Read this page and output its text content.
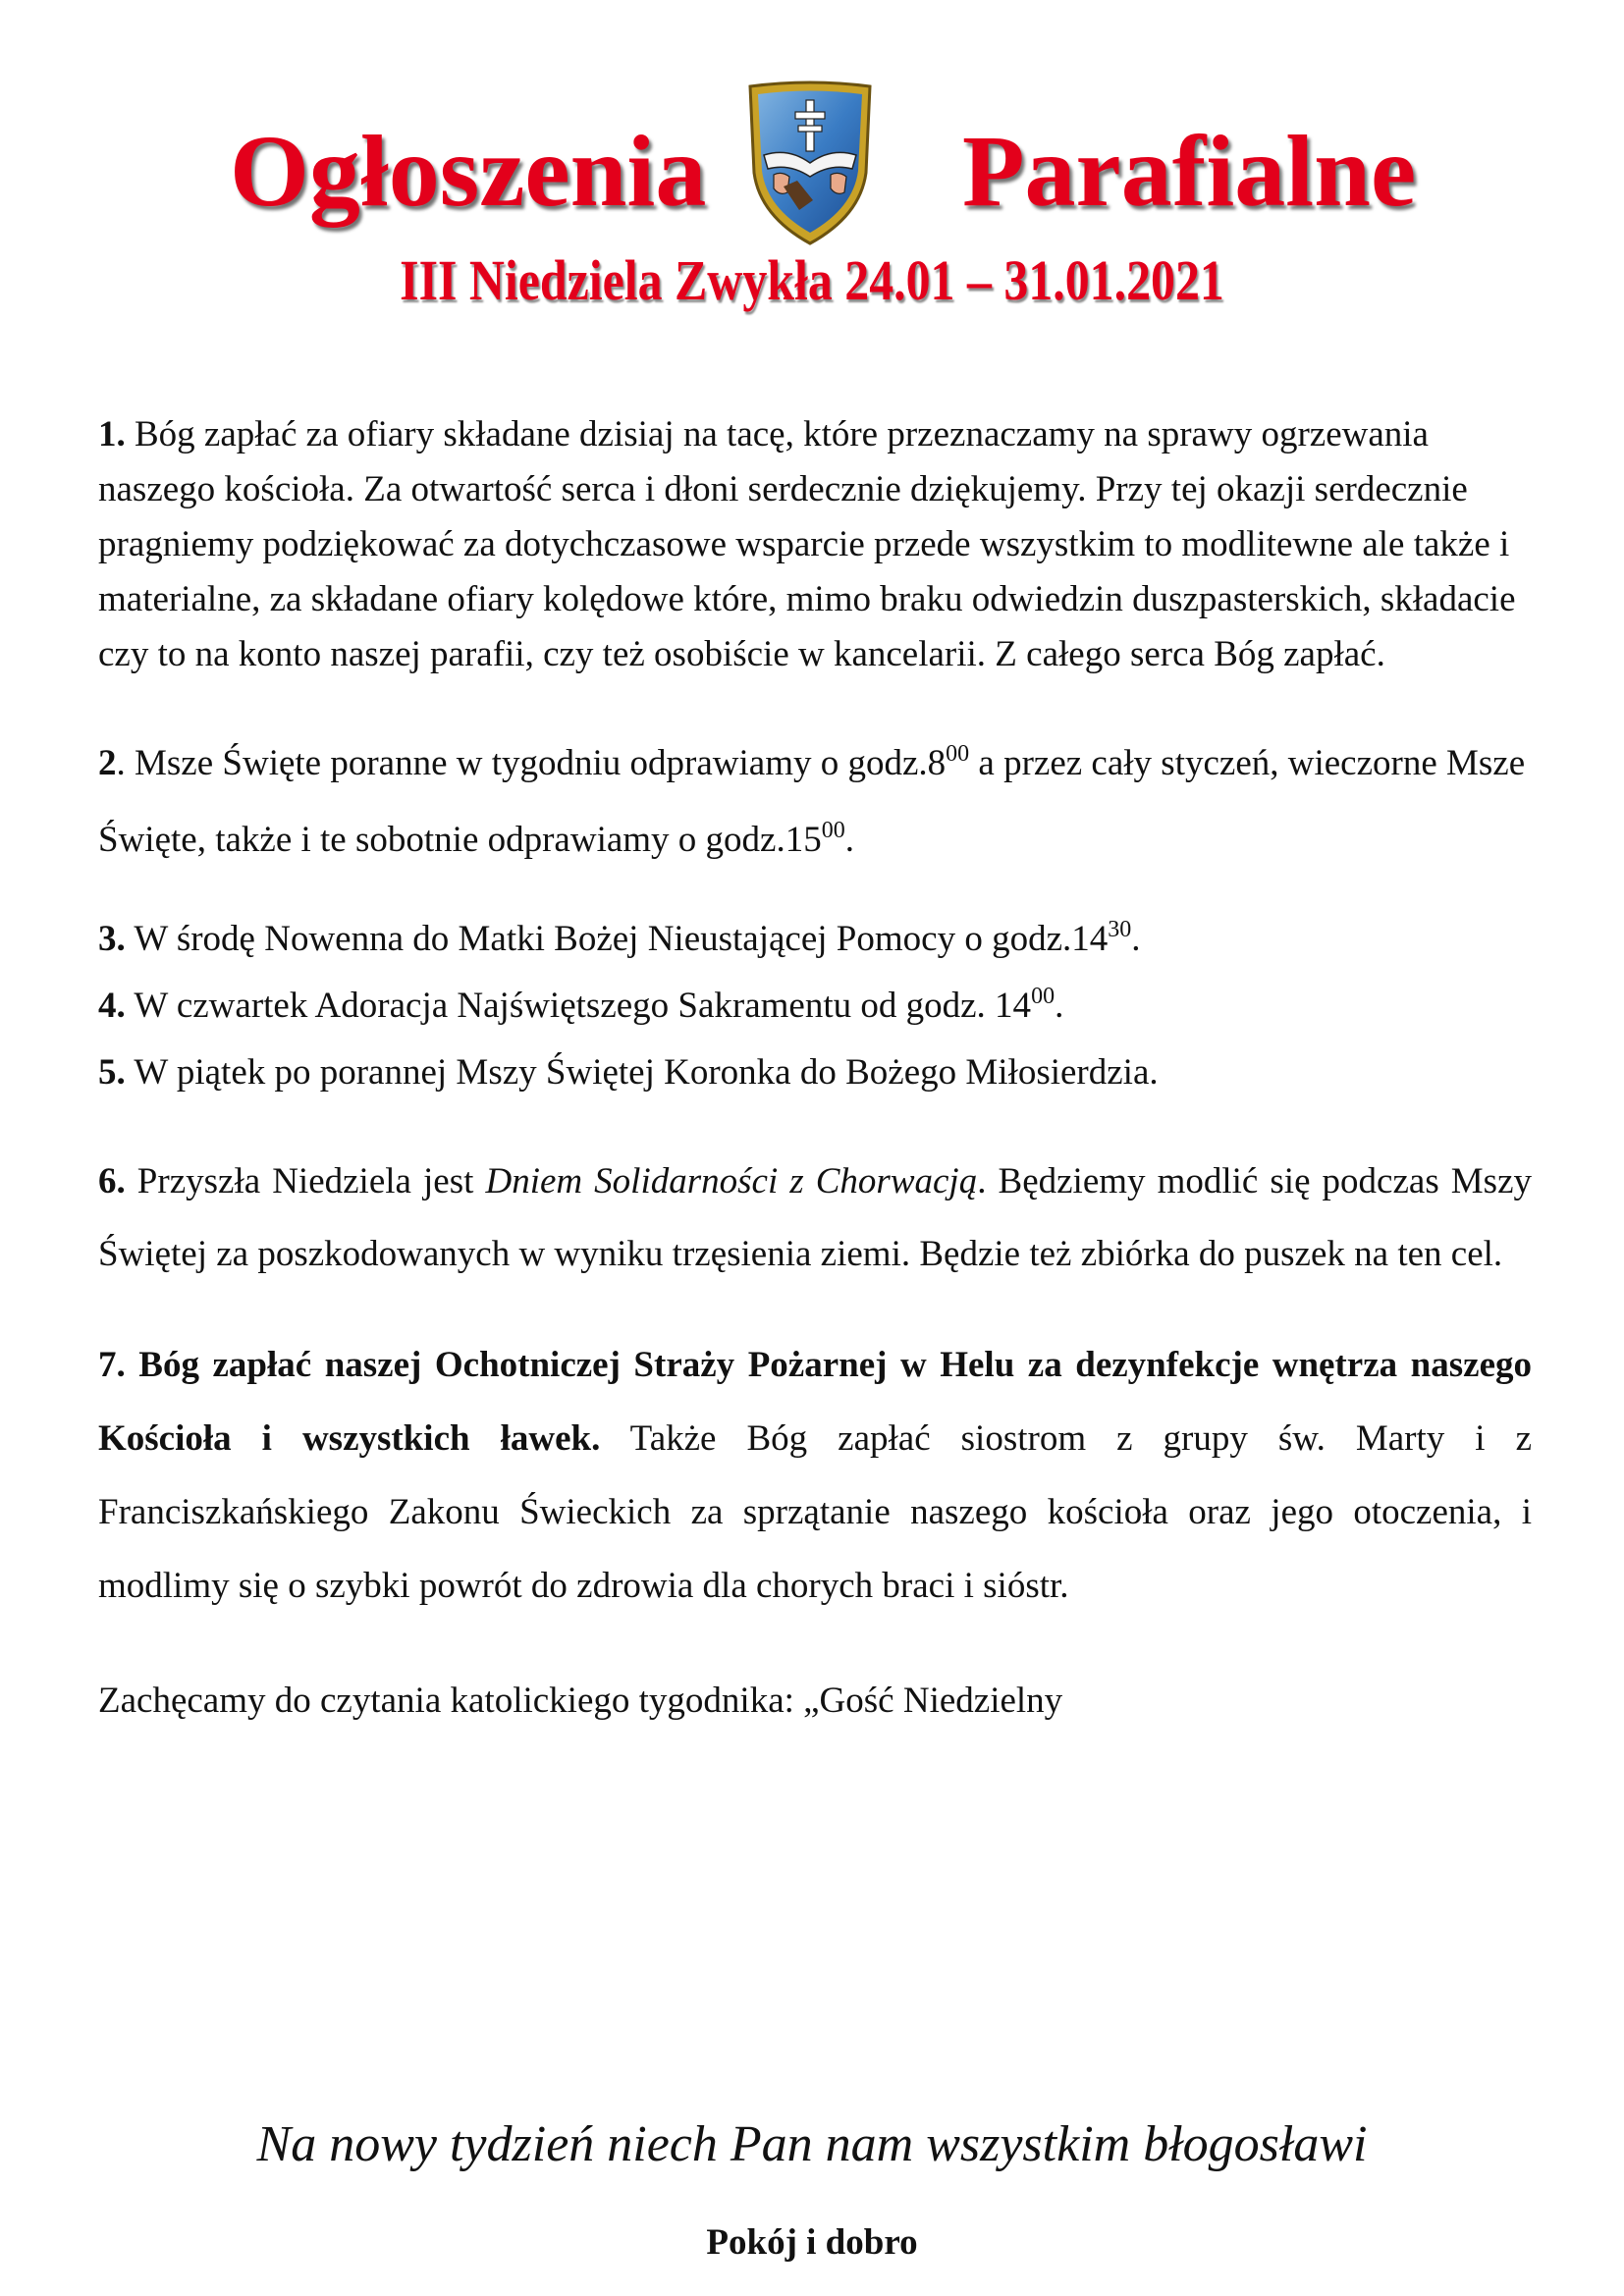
Ogłoszenia	Parafialne
III Niedziela Zwykła 24.01 – 31.01.2021

1. Bóg zapłać za ofiary składane dzisiaj na tacę, które przeznaczamy na sprawy ogrzewania naszego kościoła. Za otwartość serca i dłoni serdecznie dziękujemy. Przy tej okazji serdecznie pragniemy podziękować za dotychczasowe wsparcie przede wszystkim to modlitewne ale także i materialne, za składane ofiary kolędowe które, mimo braku odwiedzin duszpasterskich, składacie czy to na konto naszej parafii, czy też osobiście w kancelarii. Z całego serca Bóg zapłać.

2. Msze Święte poranne w tygodniu odprawiamy o $godz.8^{00}$ a przez cały styczeń, wieczorne Msze Święte, także i te sobotnie odprawiamy o $godz.15^{00}$.

3. W środę Nowenna do Matki Bożej Nieustającej Pomocy o $godz.14^{30}$.

4. W czwartek Adoracja Najświętszego Sakramentu od godz. $14^{00}$.

5. W piątek po porannej Mszy Świętej Koronka do Bożego Miłosierdzia.

6. Przyszła Niedziela jest Dniem Solidarności z Chorwacją. Będziemy modlić się podczas Mszy Świętej za poszkodowanych w wyniku trzęsienia ziemi. Będzie też zbiórka do puszek na ten cel.

7. Bóg zapłać naszej Ochotniczej Straży Pożarnej w Helu za dezynfekcje wnętrza naszego Kościoła i wszystkich ławek. Także Bóg zapłać siostrom z grupy św. Marty i z Franciszkańskiego Zakonu Świeckich za sprzątanie naszego kościoła oraz jego otoczenia, i modlimy się o szybki powrót do zdrowia dla chorych braci i sióstr.

Zachęcamy do czytania katolickiego tygodnika: „Gość Niedzielny

Na nowy tydzień niech Pan nam wszystkim błogosławi
Pokój i dobro
